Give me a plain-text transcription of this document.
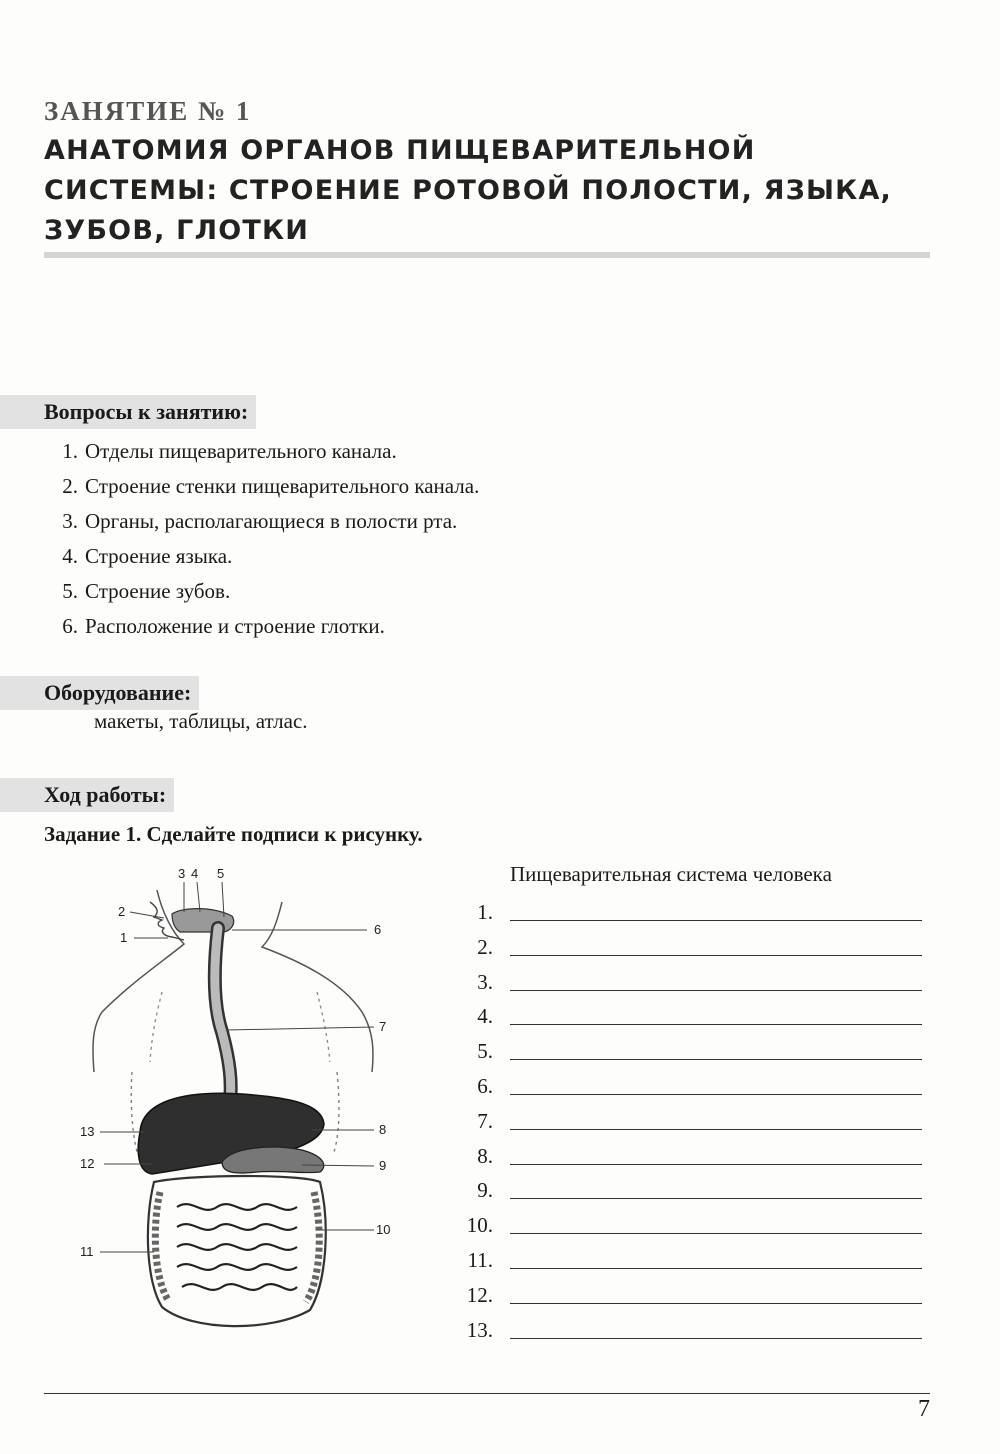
ЗАНЯТИЕ № 1
АНАТОМИЯ ОРГАНОВ ПИЩЕВАРИТЕЛЬНОЙ
СИСТЕМЫ: СТРОЕНИЕ РОТОВОЙ ПОЛОСТИ, ЯЗЫКА,
ЗУБОВ, ГЛОТКИ
Вопросы к занятию:
1. Отделы пищеварительного канала.
2. Строение стенки пищеварительного канала.
3. Органы, располагающиеся в полости рта.
4. Строение языка.
5. Строение зубов.
6. Расположение и строение глотки.
Оборудование:
макеты, таблицы, атлас.
Ход работы:
Задание 1. Сделайте подписи к рисунку.
1
2
3 4 5
6
7
8
9
10
11
12
13
Пищеварительная система человека
1.
2.
3.
4.
5.
6.
7.
8.
9.
10.
11.
12.
13.
7
